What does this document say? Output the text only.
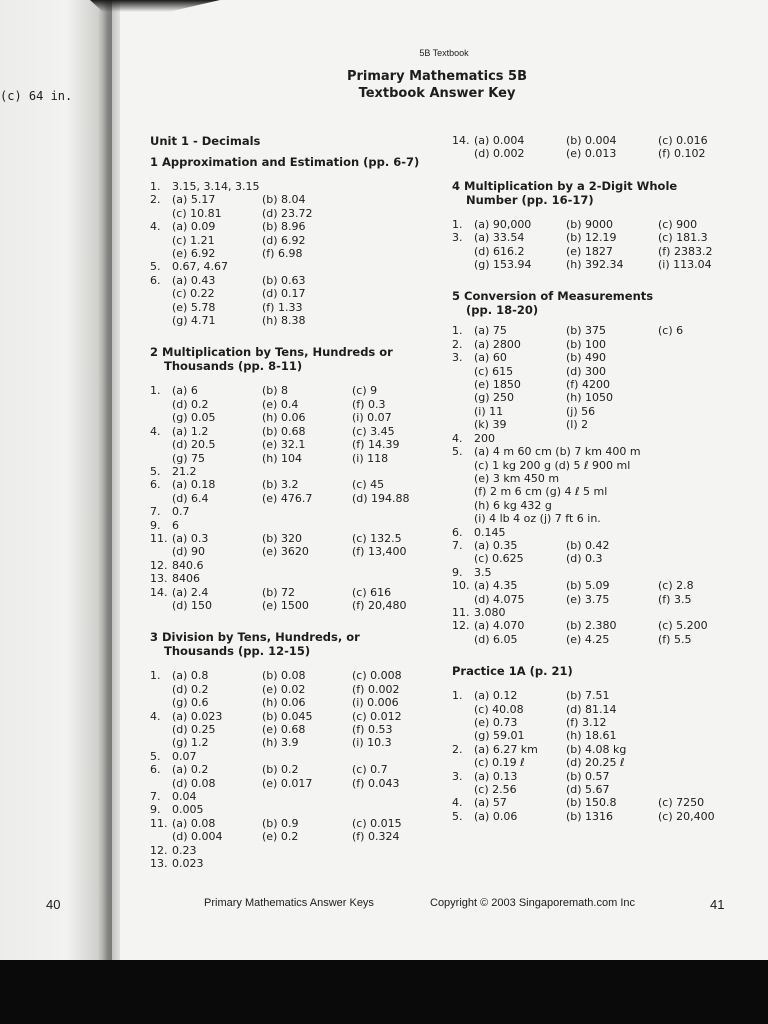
(c) 64 in.
40
5B Textbook
Primary Mathematics 5B
Textbook Answer Key
Unit 1 - Decimals
1 Approximation and Estimation (pp. 6-7)
1.	3.15, 3.14, 3.15
2.	(a) 5.17	(b) 8.04
(c) 10.81	(d) 23.72
4.	(a) 0.09	(b) 8.96
(c) 1.21	(d) 6.92
(e) 6.92	(f) 6.98
5.	0.67, 4.67
6.	(a) 0.43	(b) 0.63
(c) 0.22	(d) 0.17
(e) 5.78	(f) 1.33
(g) 4.71	(h) 8.38
2 Multiplication by Tens, Hundreds or
Thousands (pp. 8-11)
1.	(a) 6	(b) 8	(c) 9
(d) 0.2	(e) 0.4	(f) 0.3
(g) 0.05	(h) 0.06	(i) 0.07
4.	(a) 1.2	(b) 0.68	(c) 3.45
(d) 20.5	(e) 32.1	(f) 14.39
(g) 75	(h) 104	(i) 118
5.	21.2
6.	(a) 0.18	(b) 3.2	(c) 45
(d) 6.4	(e) 476.7	(d) 194.88
7.	0.7
9.	6
11. (a) 0.3	(b) 320	(c) 132.5
(d) 90	(e) 3620	(f) 13,400
12. 840.6
13. 8406
14. (a) 2.4	(b) 72	(c) 616
(d) 150	(e) 1500	(f) 20,480
3 Division by Tens, Hundreds, or
Thousands (pp. 12-15)
1.	(a) 0.8	(b) 0.08	(c) 0.008
(d) 0.2	(e) 0.02	(f) 0.002
(g) 0.6	(h) 0.06	(i) 0.006
4.	(a) 0.023	(b) 0.045	(c) 0.012
(d) 0.25	(e) 0.68	(f) 0.53
(g) 1.2	(h) 3.9	(i) 10.3
5.	0.07
6.	(a) 0.2	(b) 0.2	(c) 0.7
(d) 0.08	(e) 0.017	(f) 0.043
7.	0.04
9.	0.005
11. (a) 0.08	(b) 0.9	(c) 0.015
(d) 0.004	(e) 0.2	(f) 0.324
12. 0.23
13. 0.023
14. (a) 0.004	(b) 0.004	(c) 0.016
(d) 0.002	(e) 0.013	(f) 0.102
4 Multiplication by a 2-Digit Whole
Number (pp. 16-17)
1.	(a) 90,000	(b) 9000	(c) 900
3.	(a) 33.54	(b) 12.19	(c) 181.3
(d) 616.2	(e) 1827	(f) 2383.2
(g) 153.94	(h) 392.34	(i) 113.04
5 Conversion of Measurements
(pp. 18-20)
1.	(a) 75	(b) 375	(c) 6
2.	(a) 2800	(b) 100
3.	(a) 60	(b) 490
(c) 615	(d) 300
(e) 1850	(f) 4200
(g) 250	(h) 1050
(i) 11	(j) 56
(k) 39	(l) 2
4.	200
5.	(a) 4 m 60 cm (b) 7 km 400 m
(c) 1 kg 200 g (d) 5 ℓ 900 ml
(e) 3 km 450 m
(f) 2 m 6 cm (g) 4 ℓ 5 ml
(h) 6 kg 432 g
(i) 4 lb 4 oz (j) 7 ft 6 in.
6.	0.145
7.	(a) 0.35	(b) 0.42
(c) 0.625	(d) 0.3
9.	3.5
10. (a) 4.35	(b) 5.09	(c) 2.8
(d) 4.075	(e) 3.75	(f) 3.5
11. 3.080
12. (a) 4.070	(b) 2.380	(c) 5.200
(d) 6.05	(e) 4.25	(f) 5.5
Practice 1A (p. 21)
1.	(a) 0.12	(b) 7.51
(c) 40.08	(d) 81.14
(e) 0.73	(f) 3.12
(g) 59.01	(h) 18.61
2.	(a) 6.27 km	(b) 4.08 kg
(c) 0.19 ℓ	(d) 20.25 ℓ
3.	(a) 0.13	(b) 0.57
(c) 2.56	(d) 5.67
4.	(a) 57	(b) 150.8	(c) 7250
5.	(a) 0.06	(b) 1316	(c) 20,400
Primary Mathematics Answer Keys	Copyright © 2003 Singaporemath.com Inc	41
